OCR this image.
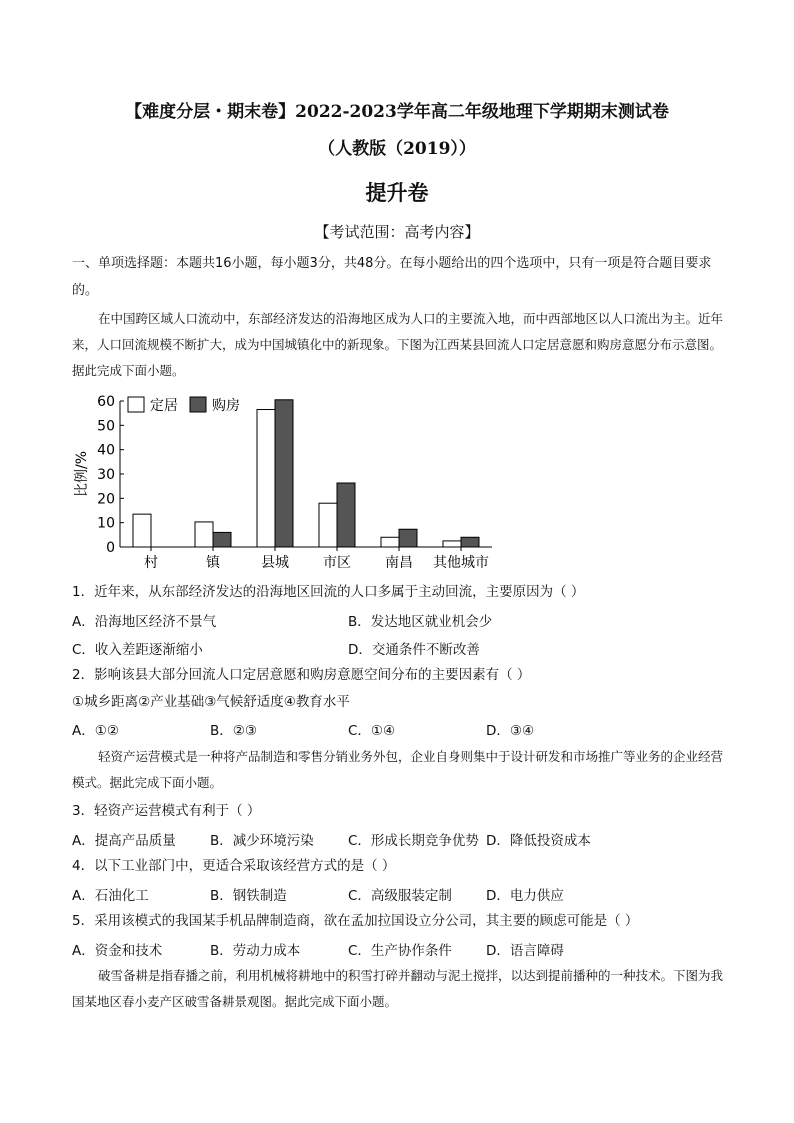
【难度分层・期末卷】2022-2023学年高二年级地理下学期期末测试卷
（人教版（2019））
提升卷
【考试范围：高考内容】
一、单项选择题：本题共16小题，每小题3分，共48分。在每小题给出的四个选项中，只有一项是符合题目要求的。
在中国跨区域人口流动中，东部经济发达的沿海地区成为人口的主要流入地，而中西部地区以人口流出为主。近年来，人口回流规模不断扩大，成为中国城镇化中的新现象。下图为江西某县回流人口定居意愿和购房意愿分布示意图。据此完成下面小题。
0
10
20
30
40
50
60
比例/%
村	镇	县城 市区 南昌 其他城市
定居 购房
1．近年来，从东部经济发达的沿海地区回流的人口多属于主动回流，主要原因为（ ）
A．沿海地区经济不景气	B．发达地区就业机会少
C．收入差距逐渐缩小	D．交通条件不断改善
2．影响该县大部分回流人口定居意愿和购房意愿空间分布的主要因素有（ ）
①城乡距离②产业基础③气候舒适度④教育水平
A．①②	B．②③	C．①④	D．③④
轻资产运营模式是一种将产品制造和零售分销业务外包，企业自身则集中于设计研发和市场推广等业务的企业经营模式。据此完成下面小题。
3．轻资产运营模式有利于（ ）
A．提高产品质量	B．减少环境污染	C．形成长期竞争优势 D．降低投资成本
4．以下工业部门中，更适合采取该经营方式的是（ ）
A．石油化工	B．钢铁制造	C．高级服装定制	D．电力供应
5．采用该模式的我国某手机品牌制造商，欲在孟加拉国设立分公司，其主要的顾虑可能是（ ）
A．资金和技术	B．劳动力成本	C．生产协作条件	D．语言障碍
破雪备耕是指春播之前，利用机械将耕地中的积雪打碎并翻动与泥土搅拌，以达到提前播种的一种技术。下图为我国某地区春小麦产区破雪备耕景观图。据此完成下面小题。
